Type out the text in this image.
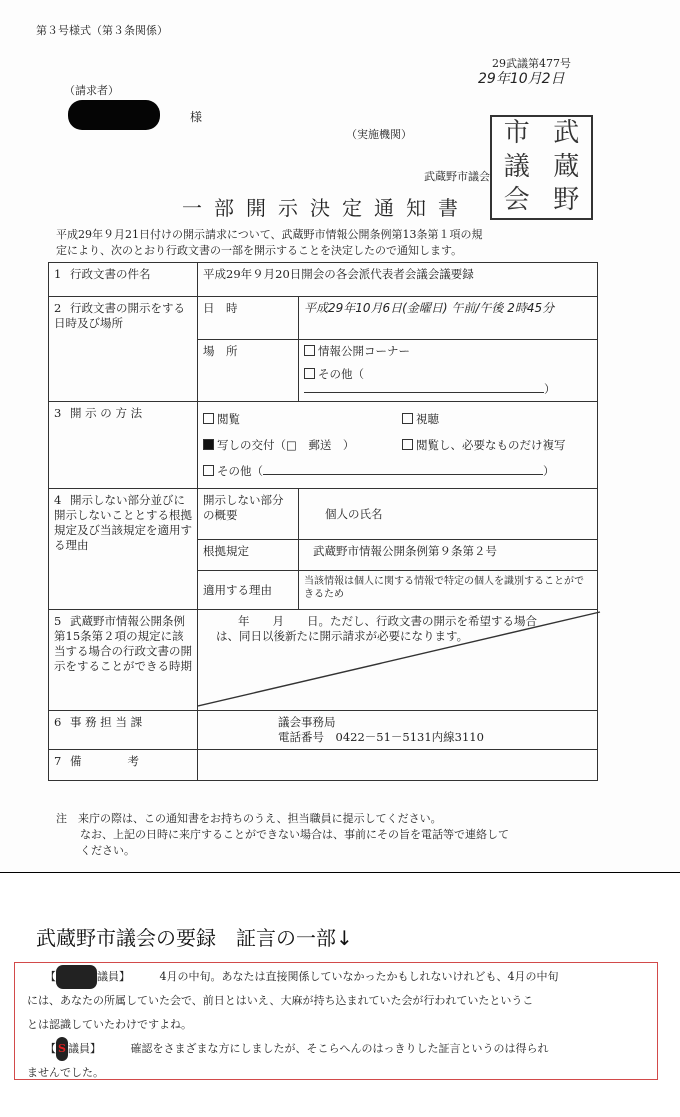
第３号様式（第３条関係）
29武議第477号
29年10月2日
（請求者）
様
（実施機関）
武蔵野市議会
市 武
議 蔵
会 野
一部開示決定通知書
平成29年９月21日付けの開示請求について、武蔵野市情報公開条例第13条第１項の規
定により、次のとおり行政文書の一部を開示することを決定したので通知します。
1 行政文書の件名	平成29年９月20日開会の各会派代表者会議会議要録	
2 行政文書の開示をする日時及び場所	日　時	平成29年10月6日(金曜日) 午前/午後 2時45分
	場　所	情報公開コーナー
その他（）

3 開 示 の 方 法	閲覧 視聴
写しの交付（□　郵送　） 閲覧し、必要なものだけ複写
その他（ ）	

4 開示しない部分並びに開示しないこととする根拠規定及び当該規定を適用する理由	開示しない部分の概要	個人の氏名
	根拠規定	武蔵野市情報公開条例第９条第２号
	適用する理由	当該情報は個人に関する情報で特定の個人を識別することができるため
5 武蔵野市情報公開条例第15条第２項の規定に該当する場合の行政文書の開示をすることができる時期	年　　月　　日。ただし、行政文書の開示を希望する場合
は、同日以後新たに開示請求が必要になります。	

6 事 務 担 当 課	議会事務局
電話番号　0422－51－5131内線3110	

7 備　　　　考		
注　来庁の際は、この通知書をお持ちのうえ、担当職員に提示してください。
なお、上記の日時に来庁することができない場合は、事前にその旨を電話等で連絡して
ください。
武蔵野市議会の要録　証言の一部↓
【　　　	議員】	4月の中旬。あなたは直接関係していなかったかもしれないけれども、4月の中旬
には、あなたの所属していた会で、前日とはいえ、大麻が持ち込まれていた会が行われていたというこ
とは認識していたわけですよね。
【 S 議員】	確認をさまざまな方にしましたが、そこらへんのはっきりした証言というのは得られ
ませんでした。
